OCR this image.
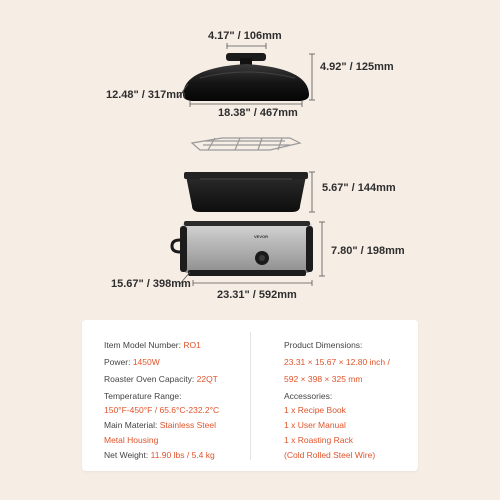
VEVOR
4.17" / 106mm
4.92" / 125mm
12.48" / 317mm
18.38" / 467mm
5.67" / 144mm
7.80" / 198mm
15.67" / 398mm
23.31" / 592mm
Item Model Number: RO1
Power: 1450W
Roaster Oven Capacity: 22QT
Temperature Range:
150°F-450°F / 65.6°C-232.2°C
Main Material: Stainless Steel
Metal Housing
Net Weight: 11.90 lbs / 5.4 kg
Product Dimensions:
23.31 × 15.67 × 12.80 inch /
592 × 398 × 325 mm
Accessories:
1 x Recipe Book
1 x User Manual
1 x Roasting Rack
(Cold Rolled Steel Wire)
